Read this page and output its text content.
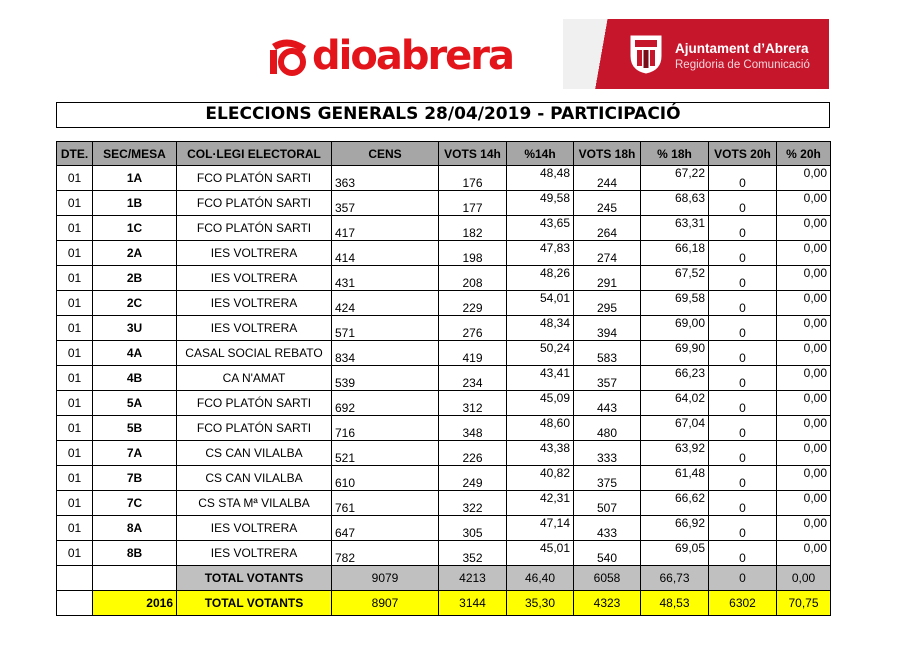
dioabrera	Ajuntament d’Abrera
Regidoria de Comunicació
ELECCIONS GENERALS 28/04/2019 - PARTICIPACIÓ
DTE.	SEC/MESA	COL·LEGI ELECTORAL	CENS	VOTS 14h	%14h	VOTS 18h	% 18h	VOTS 20h	% 20h
01	1A	FCO PLATÓN SARTI	363	176	48,48	244	67,22	0	0,00
01	1B	FCO PLATÓN SARTI	357	177	49,58	245	68,63	0	0,00
01	1C	FCO PLATÓN SARTI	417	182	43,65	264	63,31	0	0,00
01	2A	IES VOLTRERA	414	198	47,83	274	66,18	0	0,00
01	2B	IES VOLTRERA	431	208	48,26	291	67,52	0	0,00
01	2C	IES VOLTRERA	424	229	54,01	295	69,58	0	0,00
01	3U	IES VOLTRERA	571	276	48,34	394	69,00	0	0,00
01	4A	CASAL SOCIAL REBATO	834	419	50,24	583	69,90	0	0,00
01	4B	CA N'AMAT	539	234	43,41	357	66,23	0	0,00
01	5A	FCO PLATÓN SARTI	692	312	45,09	443	64,02	0	0,00
01	5B	FCO PLATÓN SARTI	716	348	48,60	480	67,04	0	0,00
01	7A	CS CAN VILALBA	521	226	43,38	333	63,92	0	0,00
01	7B	CS CAN VILALBA	610	249	40,82	375	61,48	0	0,00
01	7C	CS STA Mª VILALBA	761	322	42,31	507	66,62	0	0,00
01	8A	IES VOLTRERA	647	305	47,14	433	66,92	0	0,00
01	8B	IES VOLTRERA	782	352	45,01	540	69,05	0	0,00
		TOTAL VOTANTS	9079	4213	46,40	6058	66,73	0	0,00
	2016	TOTAL VOTANTS	8907	3144	35,30	4323	48,53	6302	70,75
